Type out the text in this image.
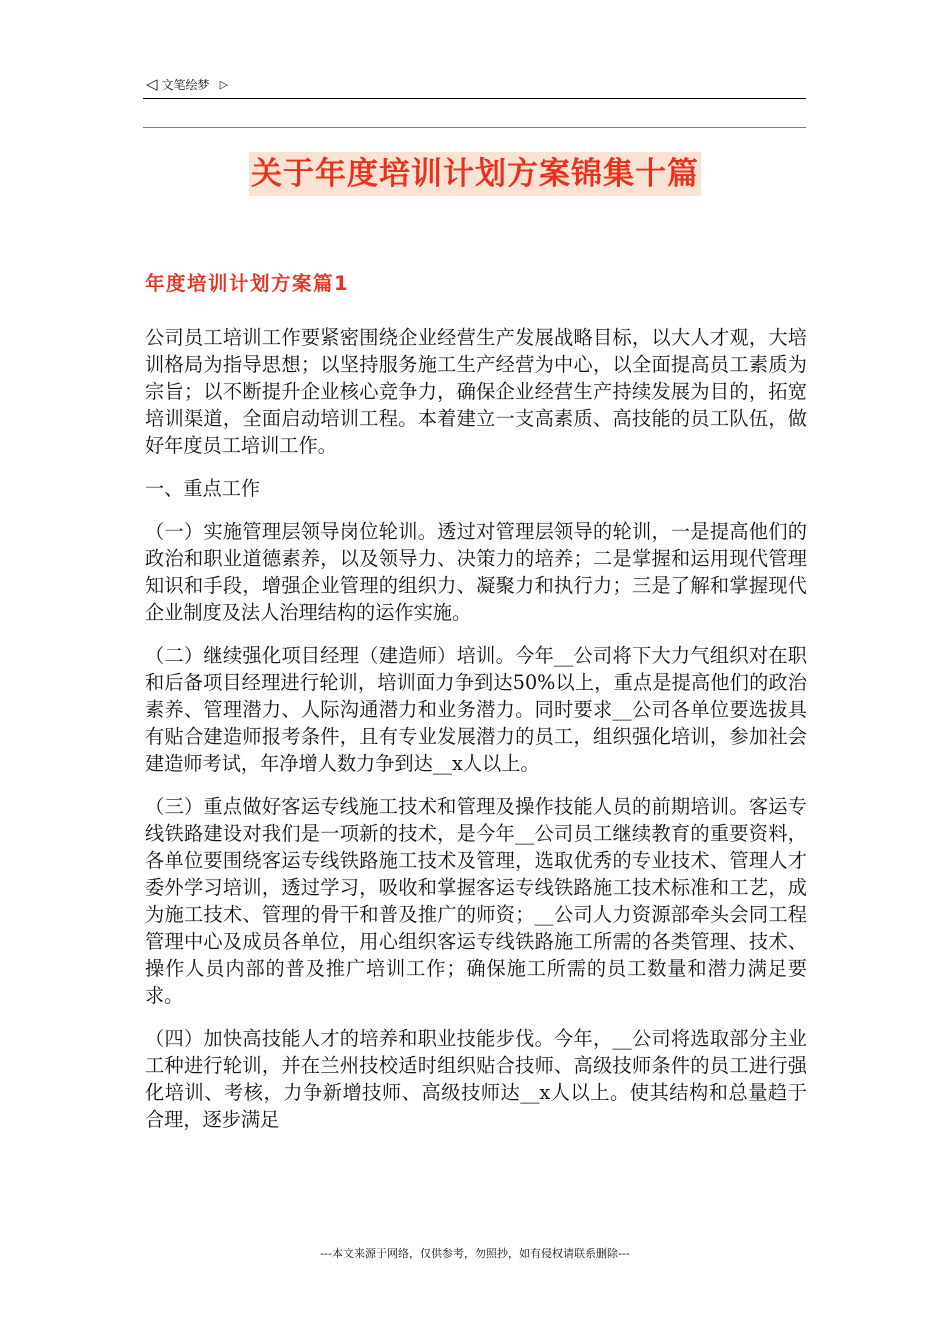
◁ 文笔绘梦 ▷
关于年度培训计划方案锦集十篇
年度培训计划方案篇1

公司员工培训工作要紧密围绕企业经营生产发展战略目标，以大人才观，大培训格局为指导思想；以坚持服务施工生产经营为中心，以全面提高员工素质为宗旨；以不断提升企业核心竞争力，确保企业经营生产持续发展为目的，拓宽培训渠道，全面启动培训工程。本着建立一支高素质、高技能的员工队伍，做好年度员工培训工作。

一、重点工作

（一）实施管理层领导岗位轮训。透过对管理层领导的轮训，一是提高他们的政治和职业道德素养，以及领导力、决策力的培养；二是掌握和运用现代管理知识和手段，增强企业管理的组织力、凝聚力和执行力；三是了解和掌握现代企业制度及法人治理结构的运作实施。

（二）继续强化项目经理（建造师）培训。今年__公司将下大力气组织对在职和后备项目经理进行轮训，培训面力争到达50%以上，重点是提高他们的政治素养、管理潜力、人际沟通潜力和业务潜力。同时要求__公司各单位要选拔具有贴合建造师报考条件，且有专业发展潜力的员工，组织强化培训，参加社会建造师考试，年净增人数力争到达__x人以上。

（三）重点做好客运专线施工技术和管理及操作技能人员的前期培训。客运专线铁路建设对我们是一项新的技术，是今年__公司员工继续教育的重要资料，各单位要围绕客运专线铁路施工技术及管理，选取优秀的专业技术、管理人才委外学习培训，透过学习，吸收和掌握客运专线铁路施工技术标准和工艺，成为施工技术、管理的骨干和普及推广的师资；__公司人力资源部牵头会同工程管理中心及成员各单位，用心组织客运专线铁路施工所需的各类管理、技术、操作人员内部的普及推广培训工作；确保施工所需的员工数量和潜力满足要求。

（四）加快高技能人才的培养和职业技能步伐。今年，__公司将选取部分主业工种进行轮训，并在兰州技校适时组织贴合技师、高级技师条件的员工进行强化培训、考核，力争新增技师、高级技师达__x人以上。使其结构和总量趋于合理，逐步满足

---本文来源于网络，仅供参考，勿照抄，如有侵权请联系删除---
